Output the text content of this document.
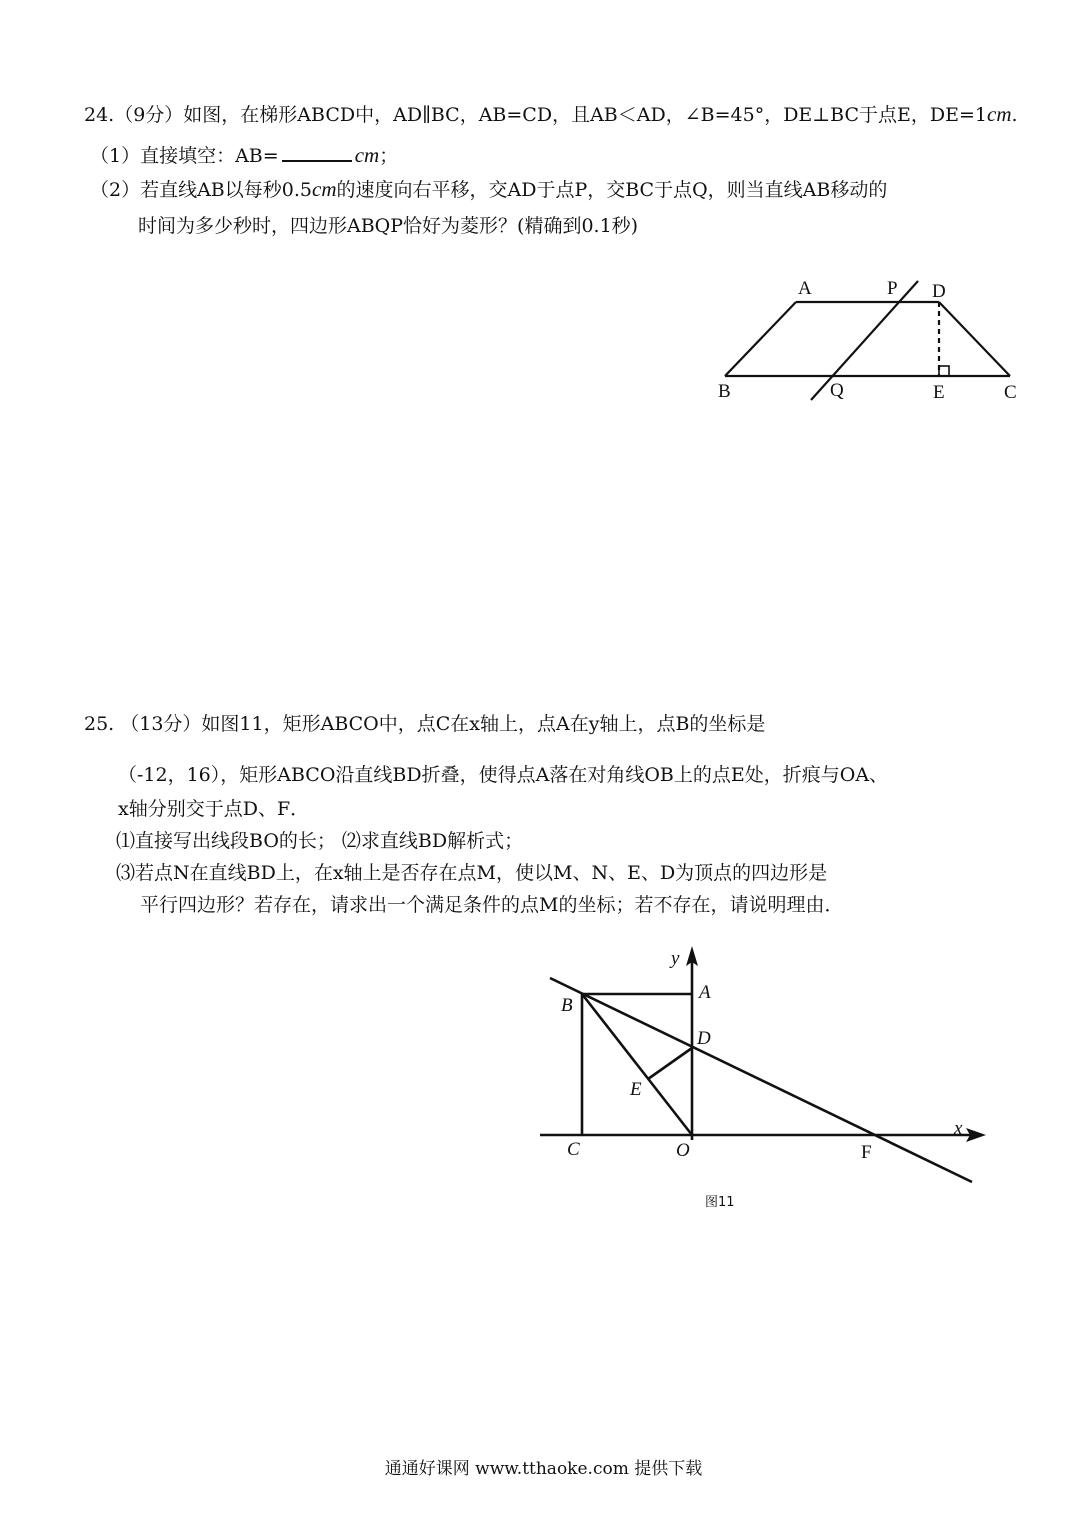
24.（9分）如图，在梯形ABCD中，AD∥BC，AB=CD，且AB＜AD，∠B=45°，DE⊥BC于点E，DE=1cm.
（1）直接填空：AB=	cm；
（2）若直线AB以每秒0.5cm的速度向右平移，交AD于点P，交BC于点Q，则当直线AB移动的
时间为多少秒时，四边形ABQP恰好为菱形？(精确到0.1秒)
A	P D
B	Q	E	C
25. （13分）如图11，矩形ABCO中，点C在x轴上，点A在y轴上，点B的坐标是
（-12，16），矩形ABCO沿直线BD折叠，使得点A落在对角线OB上的点E处，折痕与OA、
x轴分别交于点D、F．
⑴直接写出线段BO的长； ⑵求直线BD解析式；
⑶若点N在直线BD上，在x轴上是否存在点M，使以M、N、E、D为顶点的四边形是
平行四边形？若存在，请求出一个满足条件的点M的坐标；若不存在，请说明理由．
y
x
A
B
D
E
C	O	F
图11
通通好课网 www.tthaoke.com 提供下载
